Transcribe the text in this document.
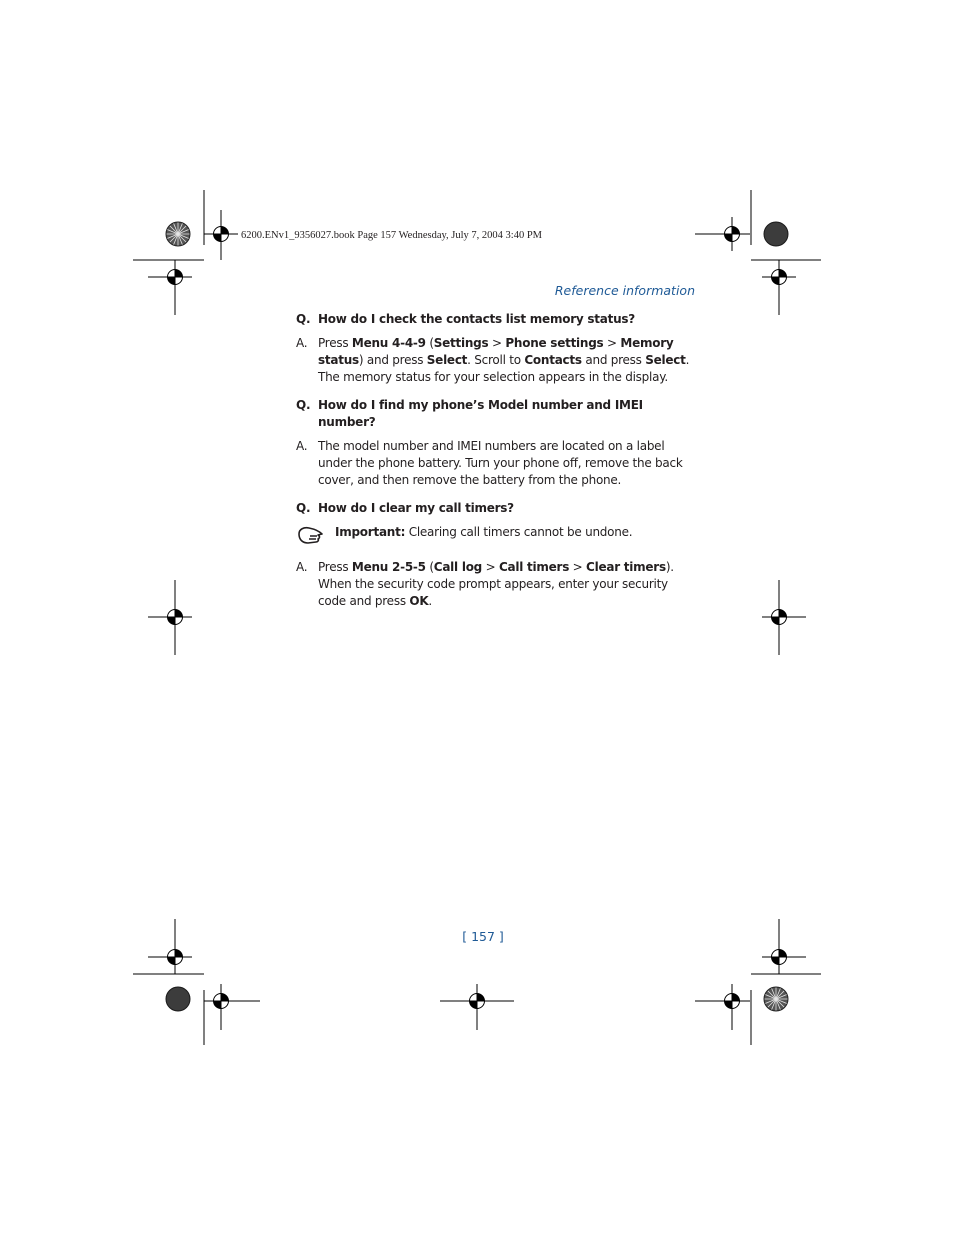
6200.ENv1_9356027.book Page 157 Wednesday, July 7, 2004 3:40 PM
Reference information
Q. How do I check the contacts list memory status?
A. Press Menu 4-4-9 (Settings > Phone settings > Memory status) and press Select. Scroll to Contacts and press Select. The memory status for your selection appears in the display.
Q. How do I find my phone’s Model number and IMEI number?
A. The model number and IMEI numbers are located on a label under the phone battery. Turn your phone off, remove the back cover, and then remove the battery from the phone.
Q. How do I clear my call timers?
Important: Clearing call timers cannot be undone.
A. Press Menu 2-5-5 (Call log > Call timers > Clear timers). When the security code prompt appears, enter your security code and press OK.
[ 157 ]
